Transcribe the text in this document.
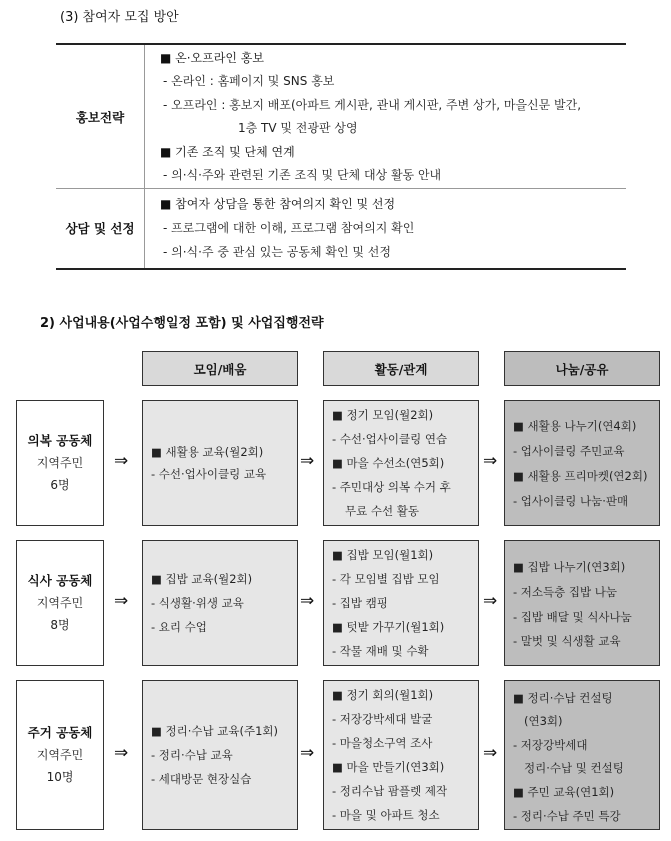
(3) 참여자 모집 방안
홍보전략
상담 및 선정
■ 온·오프라인 홍보
- 온라인 : 홈페이지 및 SNS 홍보
- 오프라인 : 홍보지 배포(아파트 게시판, 관내 게시판, 주변 상가, 마을신문 발간,
1층 TV 및 전광판 상영
■ 기존 조직 및 단체 연계
- 의·식·주와 관련된 기존 조직 및 단체 대상 활동 안내
■ 참여자 상담을 통한 참여의지 확인 및 선정
- 프로그램에 대한 이해, 프로그램 참여의지 확인
- 의·식·주 중 관심 있는 공동체 확인 및 선정
2) 사업내용(사업수행일정 포함) 및 사업집행전략
모임/배움	활동/관계	나눔/공유
의복 공동체
지역주민
6명
⇒ ■ 새활용 교육(월2회)
- 수선·업사이클링 교육
⇒
■ 정기 모임(월2회)
- 수선·업사이클링 연습
■ 마을 수선소(연5회)
- 주민대상 의복 수거 후
무료 수선 활동
⇒
■ 새활용 나누기(연4회)
- 업사이클링 주민교육
■ 새활용 프리마켓(연2회)
- 업사이클링 나눔·판매
식사 공동체
지역주민
8명
⇒
■ 집밥 교육(월2회)
- 식생활·위생 교육
- 요리 수업
⇒
■ 집밥 모임(월1회)
- 각 모임별 집밥 모임
- 집밥 캠핑
■ 텃밭 가꾸기(월1회)
- 작물 재배 및 수확
⇒
■ 집밥 나누기(연3회)
- 저소득층 집밥 나눔
- 집밥 배달 및 식사나눔
- 말벗 및 식생활 교육
주거 공동체
지역주민
10명
⇒
■ 정리·수납 교육(주1회)
- 정리·수납 교육
- 세대방문 현장실습
⇒
■ 정기 회의(월1회)
- 저장강박세대 발굴
- 마을청소구역 조사
■ 마을 만들기(연3회)
- 정리수납 팜플렛 제작
- 마을 및 아파트 청소
⇒
■ 정리·수납 컨설팅
(연3회)
- 저장강박세대
정리·수납 및 컨설팅
■ 주민 교육(연1회)
- 정리·수납 주민 특강
